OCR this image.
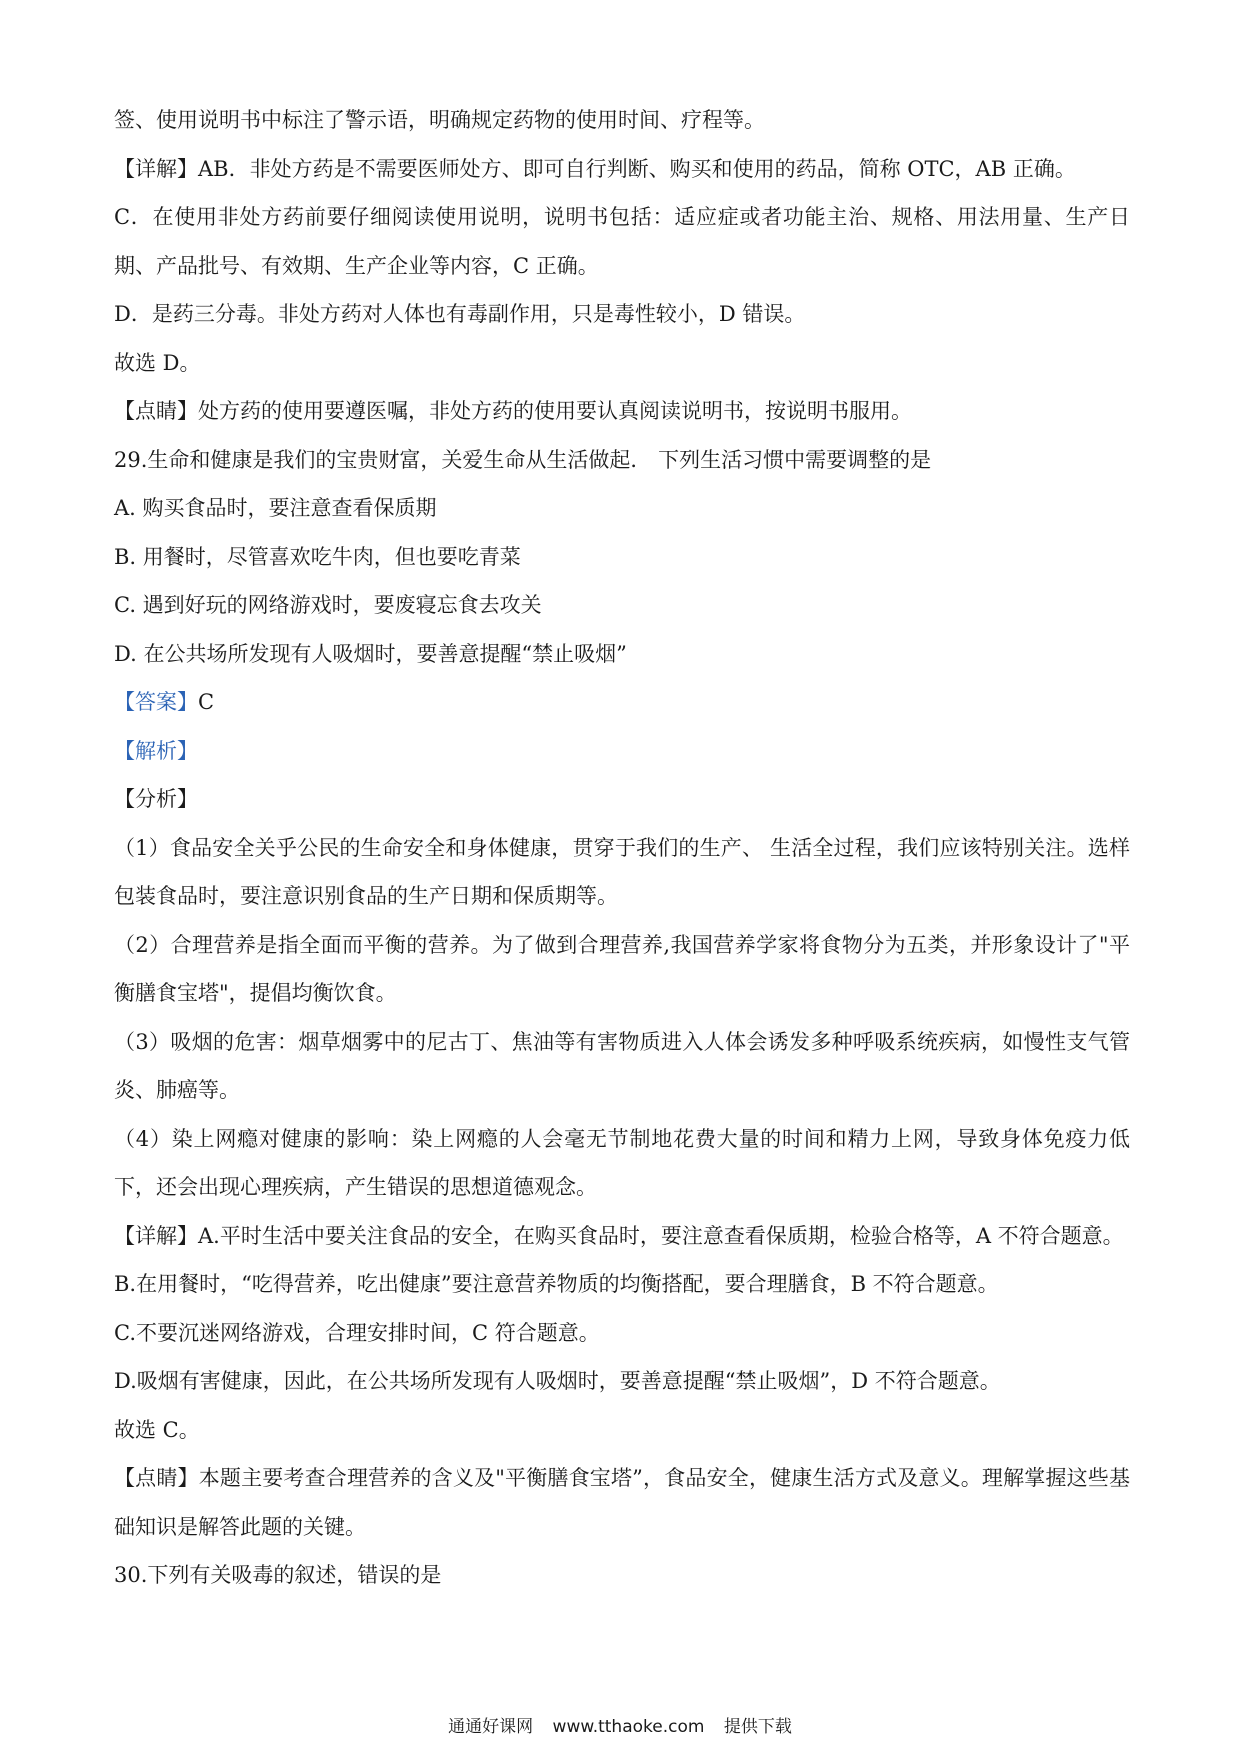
签、使用说明书中标注了警示语，明确规定药物的使用时间、疗程等。

【详解】AB．非处方药是不需要医师处方、即可自行判断、购买和使用的药品，简称 OTC，AB 正确。

C．在使用非处方药前要仔细阅读使用说明，说明书包括：适应症或者功能主治、规格、用法用量、生产日期、产品批号、有效期、生产企业等内容，C 正确。

D．是药三分毒。非处方药对人体也有毒副作用，只是毒性较小，D 错误。

故选 D。

【点睛】处方药的使用要遵医嘱，非处方药的使用要认真阅读说明书，按说明书服用。

29.生命和健康是我们的宝贵财富，关爱生命从生活做起． 下列生活习惯中需要调整的是

A. 购买食品时，要注意查看保质期

B. 用餐时，尽管喜欢吃牛肉，但也要吃青菜

C. 遇到好玩的网络游戏时，要废寝忘食去攻关

D. 在公共场所发现有人吸烟时，要善意提醒“禁止吸烟”

【答案】C

【解析】

【分析】

（1）食品安全关乎公民的生命安全和身体健康，贯穿于我们的生产、 生活全过程，我们应该特别关注。选样包装食品时，要注意识别食品的生产日期和保质期等。

（2）合理营养是指全面而平衡的营养。为了做到合理营养,我国营养学家将食物分为五类，并形象设计了"平衡膳食宝塔"，提倡均衡饮食。

（3）吸烟的危害：烟草烟雾中的尼古丁、焦油等有害物质进入人体会诱发多种呼吸系统疾病，如慢性支气管炎、肺癌等。

（4）染上网瘾对健康的影响：染上网瘾的人会毫无节制地花费大量的时间和精力上网，导致身体免疫力低下，还会出现心理疾病，产生错误的思想道德观念。

【详解】A.平时生活中要关注食品的安全，在购买食品时，要注意查看保质期，检验合格等，A 不符合题意。

B.在用餐时，“吃得营养，吃出健康”要注意营养物质的均衡搭配，要合理膳食，B 不符合题意。

C.不要沉迷网络游戏，合理安排时间，C 符合题意。

D.吸烟有害健康，因此，在公共场所发现有人吸烟时，要善意提醒“禁止吸烟”，D 不符合题意。

故选 C。

【点睛】本题主要考查合理营养的含义及"平衡膳食宝塔”，食品安全，健康生活方式及意义。理解掌握这些基础知识是解答此题的关键。

30.下列有关吸毒的叙述，错误的是

通通好课网 www.tthaoke.com 提供下载
